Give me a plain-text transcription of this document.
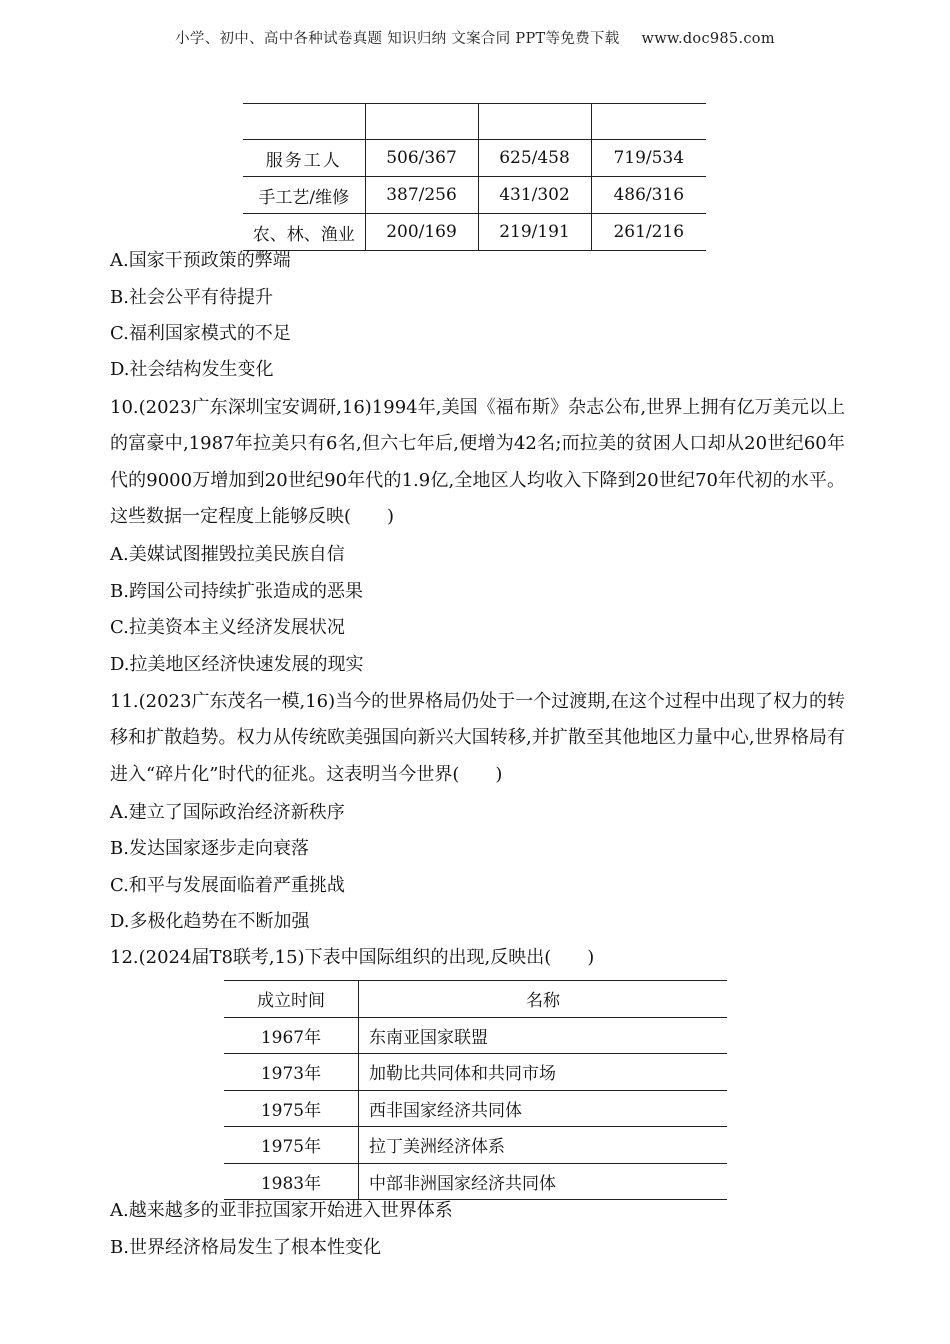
小学、初中、高中各种试卷真题 知识归纳 文案合同 PPT等免费下载 www.doc985.com

服务工人	506/367	625/458	719/534
手工艺/维修	387/256	431/302	486/316
农、林、渔业	200/169	219/191	261/216
A.国家干预政策的弊端
B.社会公平有待提升
C.福利国家模式的不足
D.社会结构发生变化
10.(2023广东深圳宝安调研,16)1994年,美国《福布斯》杂志公布,世界上拥有亿万美元以上的富豪中,1987年拉美只有6名,但六七年后,便增为42名;而拉美的贫困人口却从20世纪60年代的9000万增加到20世纪90年代的1.9亿,全地区人均收入下降到20世纪70年代初的水平。这些数据一定程度上能够反映(　　)
A.美媒试图摧毁拉美民族自信
B.跨国公司持续扩张造成的恶果
C.拉美资本主义经济发展状况
D.拉美地区经济快速发展的现实
11.(2023广东茂名一模,16)当今的世界格局仍处于一个过渡期,在这个过程中出现了权力的转移和扩散趋势。权力从传统欧美强国向新兴大国转移,并扩散至其他地区力量中心,世界格局有进入“碎片化”时代的征兆。这表明当今世界(　　)
A.建立了国际政治经济新秩序
B.发达国家逐步走向衰落
C.和平与发展面临着严重挑战
D.多极化趋势在不断加强
12.(2024届T8联考,15)下表中国际组织的出现,反映出(　　)
成立时间	名称
1967年	东南亚国家联盟
1973年	加勒比共同体和共同市场
1975年	西非国家经济共同体
1975年	拉丁美洲经济体系
1983年	中部非洲国家经济共同体
A.越来越多的亚非拉国家开始进入世界体系
B.世界经济格局发生了根本性变化
